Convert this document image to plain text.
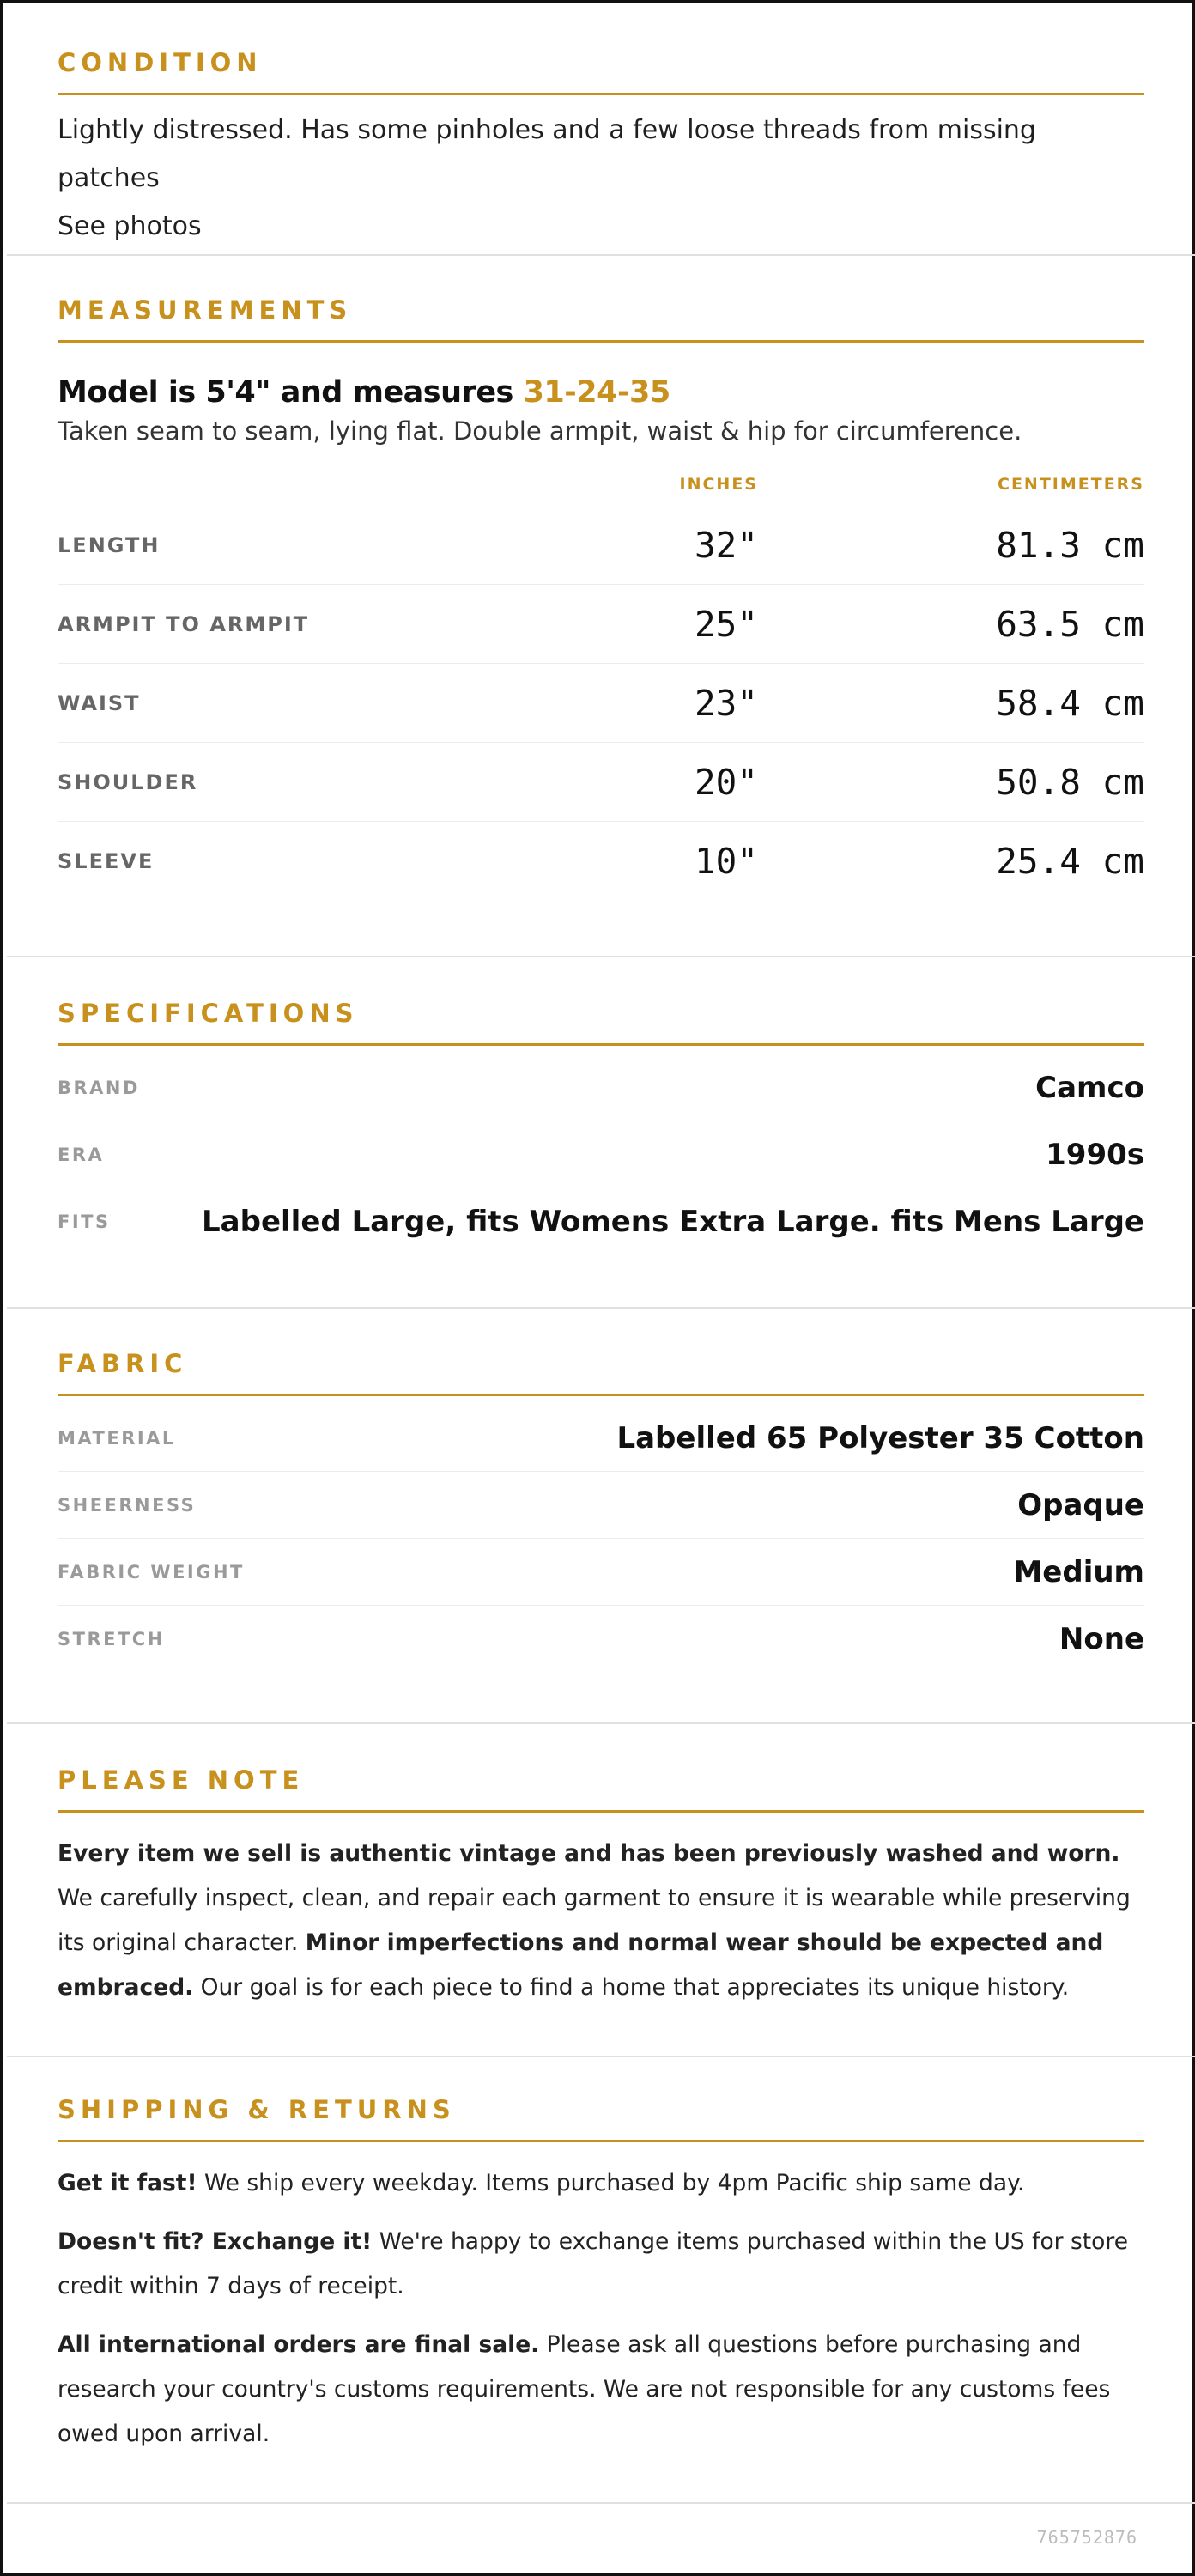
CONDITION
Lightly distressed. Has some pinholes and a few loose threads from missing patches
See photos
MEASUREMENTS
Model is 5'4" and measures 31-24-35
Taken seam to seam, lying flat. Double armpit, waist & hip for circumference.
INCHES	CENTIMETERS
LENGTH	32"	81.3 cm
ARMPIT TO ARMPIT	25"	63.5 cm
WAIST	23"	58.4 cm
SHOULDER	20"	50.8 cm
SLEEVE	10"	25.4 cm
SPECIFICATIONS
BRAND	Camco
ERA	1990s
FITS	Labelled Large, fits Womens Extra Large. fits Mens Large
FABRIC
MATERIAL	Labelled 65 Polyester 35 Cotton
SHEERNESS	Opaque
FABRIC WEIGHT	Medium
STRETCH	None
PLEASE NOTE

Every item we sell is authentic vintage and has been previously washed and worn. We carefully inspect, clean, and repair each garment to ensure it is wearable while preserving its original character. Minor imperfections and normal wear should be expected and embraced. Our goal is for each piece to find a home that appreciates its unique history.

SHIPPING & RETURNS

Get it fast! We ship every weekday. Items purchased by 4pm Pacific ship same day.

Doesn't fit? Exchange it! We're happy to exchange items purchased within the US for store credit within 7 days of receipt.

All international orders are final sale. Please ask all questions before purchasing and research your country's customs requirements. We are not responsible for any customs fees owed upon arrival.

765752876
